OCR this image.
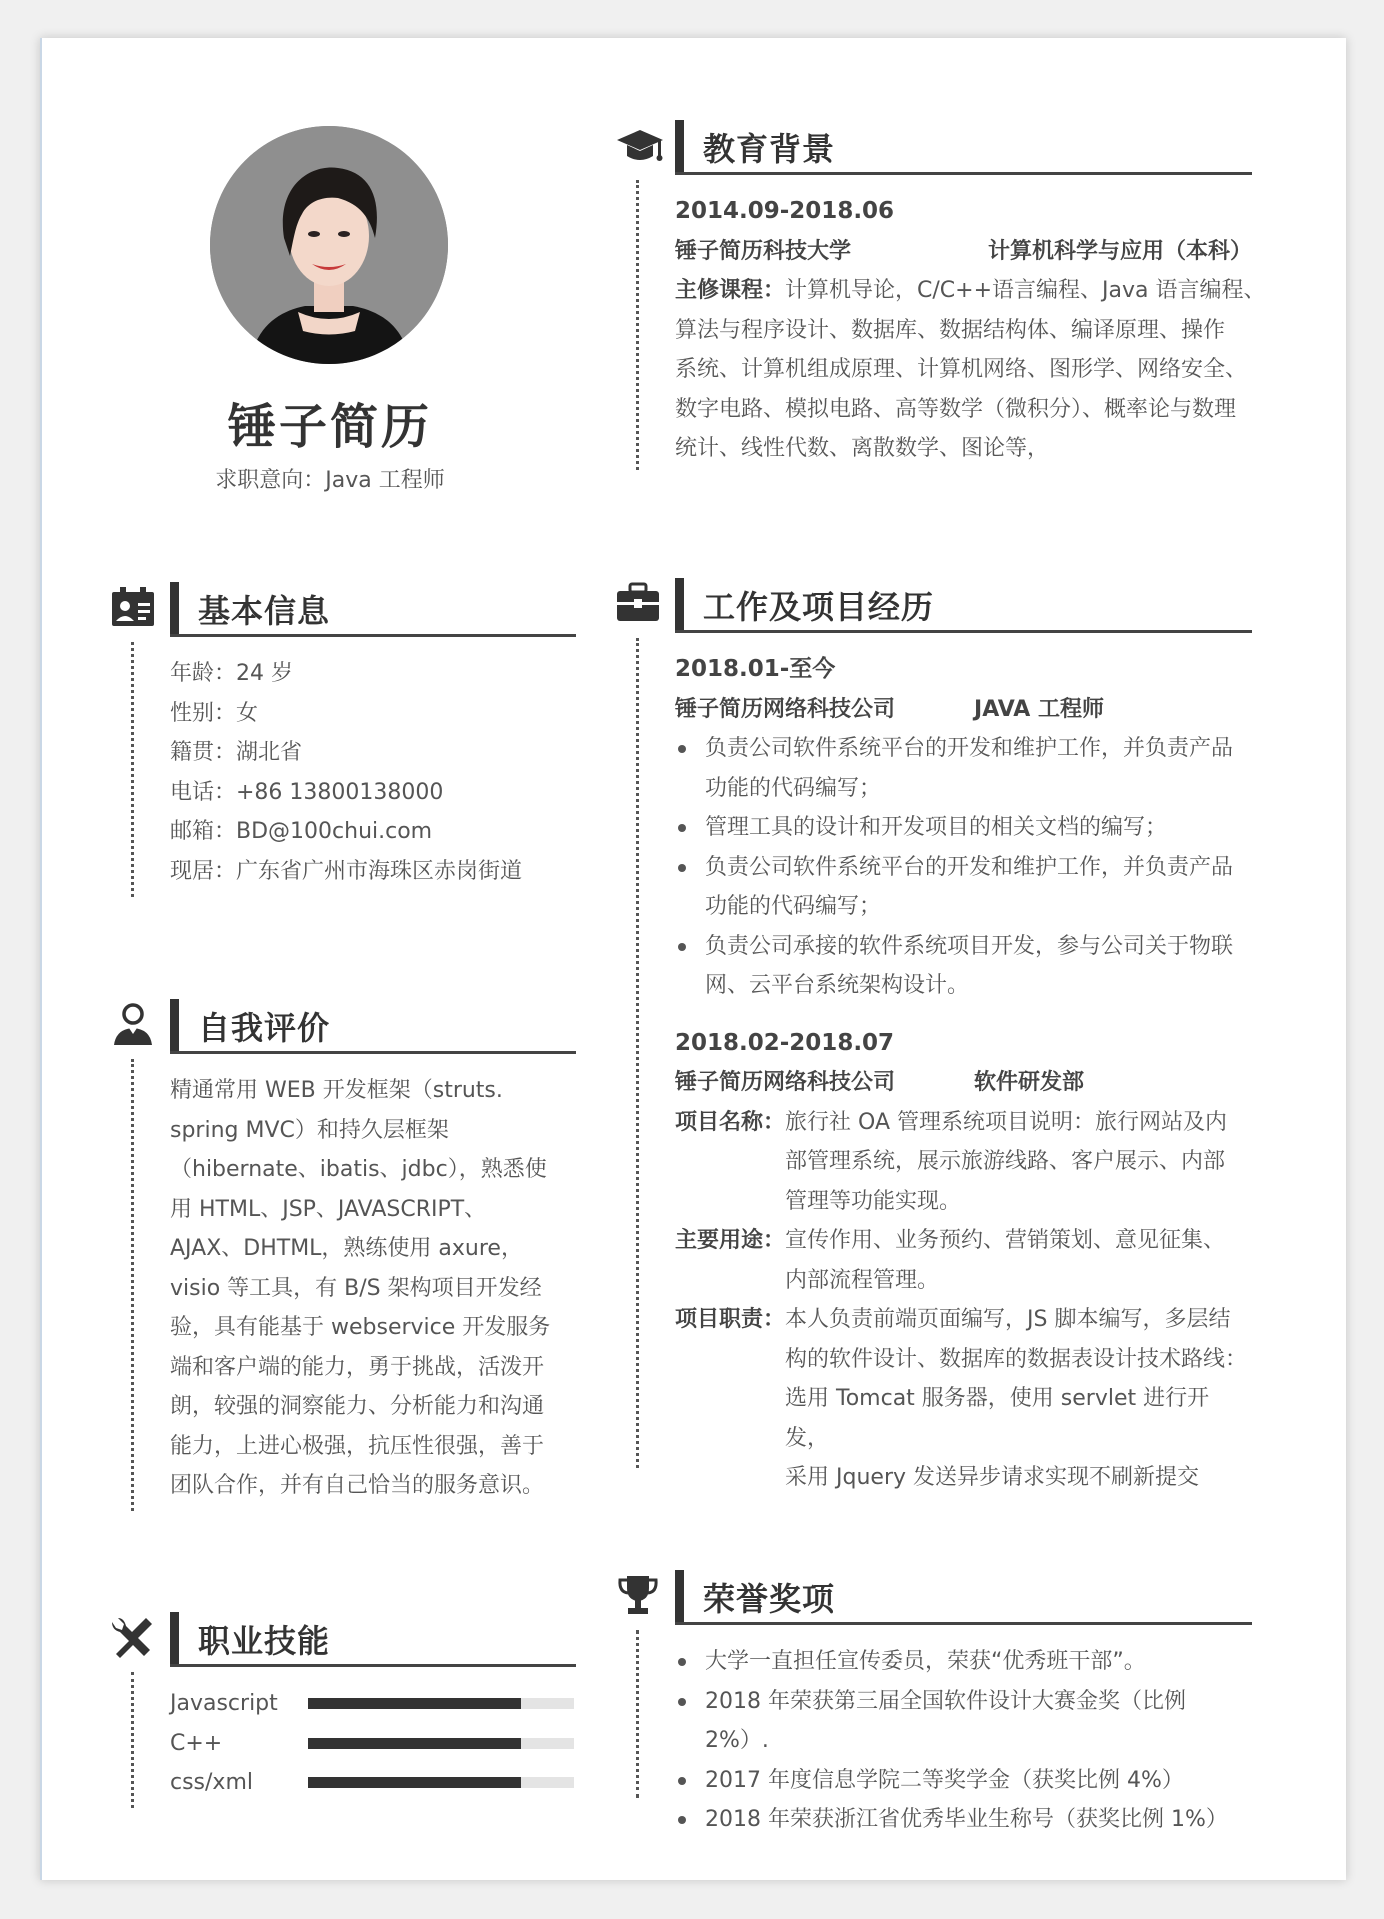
锤子简历
求职意向：Java 工程师
教育背景
2014.09-2018.06
锤子简历科技大学	计算机科学与应用（本科）
主修课程：计算机导论，C/C++语言编程、Java 语言编程、
算法与程序设计、数据库、数据结构体、编译原理、操作
系统、计算机组成原理、计算机网络、图形学、网络安全、
数字电路、模拟电路、高等数学（微积分）、概率论与数理
统计、线性代数、离散数学、图论等，
基本信息
年龄：24 岁
性别：女
籍贯：湖北省
电话：+86 13800138000
邮箱：BD@100chui.com
现居：广东省广州市海珠区赤岗街道
工作及项目经历
2018.01-至今
锤子简历网络科技公司	JAVA 工程师
负责公司软件系统平台的开发和维护工作，并负责产品
功能的代码编写；
管理工具的设计和开发项目的相关文档的编写；
负责公司软件系统平台的开发和维护工作，并负责产品
功能的代码编写；
负责公司承接的软件系统项目开发，参与公司关于物联
网、云平台系统架构设计。
2018.02-2018.07
锤子简历网络科技公司	软件研发部
项目名称： 旅行社 OA 管理系统项目说明：旅行网站及内
部管理系统，展示旅游线路、客户展示、内部
管理等功能实现。
主要用途： 宣传作用、业务预约、营销策划、意见征集、
内部流程管理。
项目职责： 本人负责前端页面编写，JS 脚本编写，多层结
构的软件设计、数据库的数据表设计技术路线：
选用 Tomcat 服务器，使用 servlet 进行开发，
采用 Jquery 发送异步请求实现不刷新提交
自我评价
精通常用 WEB 开发框架（struts.
spring MVC）和持久层框架
（hibernate、ibatis、jdbc），熟悉使
用 HTML、JSP、JAVASCRIPT、
AJAX、DHTML，熟练使用 axure，
visio 等工具，有 B/S 架构项目开发经
验，具有能基于 webservice 开发服务
端和客户端的能力，勇于挑战，活泼开
朗，较强的洞察能力、分析能力和沟通
能力，上进心极强，抗压性很强，善于
团队合作，并有自己恰当的服务意识。
荣誉奖项
大学一直担任宣传委员，荣获“优秀班干部”。
2018 年荣获第三届全国软件设计大赛金奖（比例 2%）.
2017 年度信息学院二等奖学金（获奖比例 4%）
2018 年荣获浙江省优秀毕业生称号（获奖比例 1%）
职业技能
Javascript
C++
css/xml
